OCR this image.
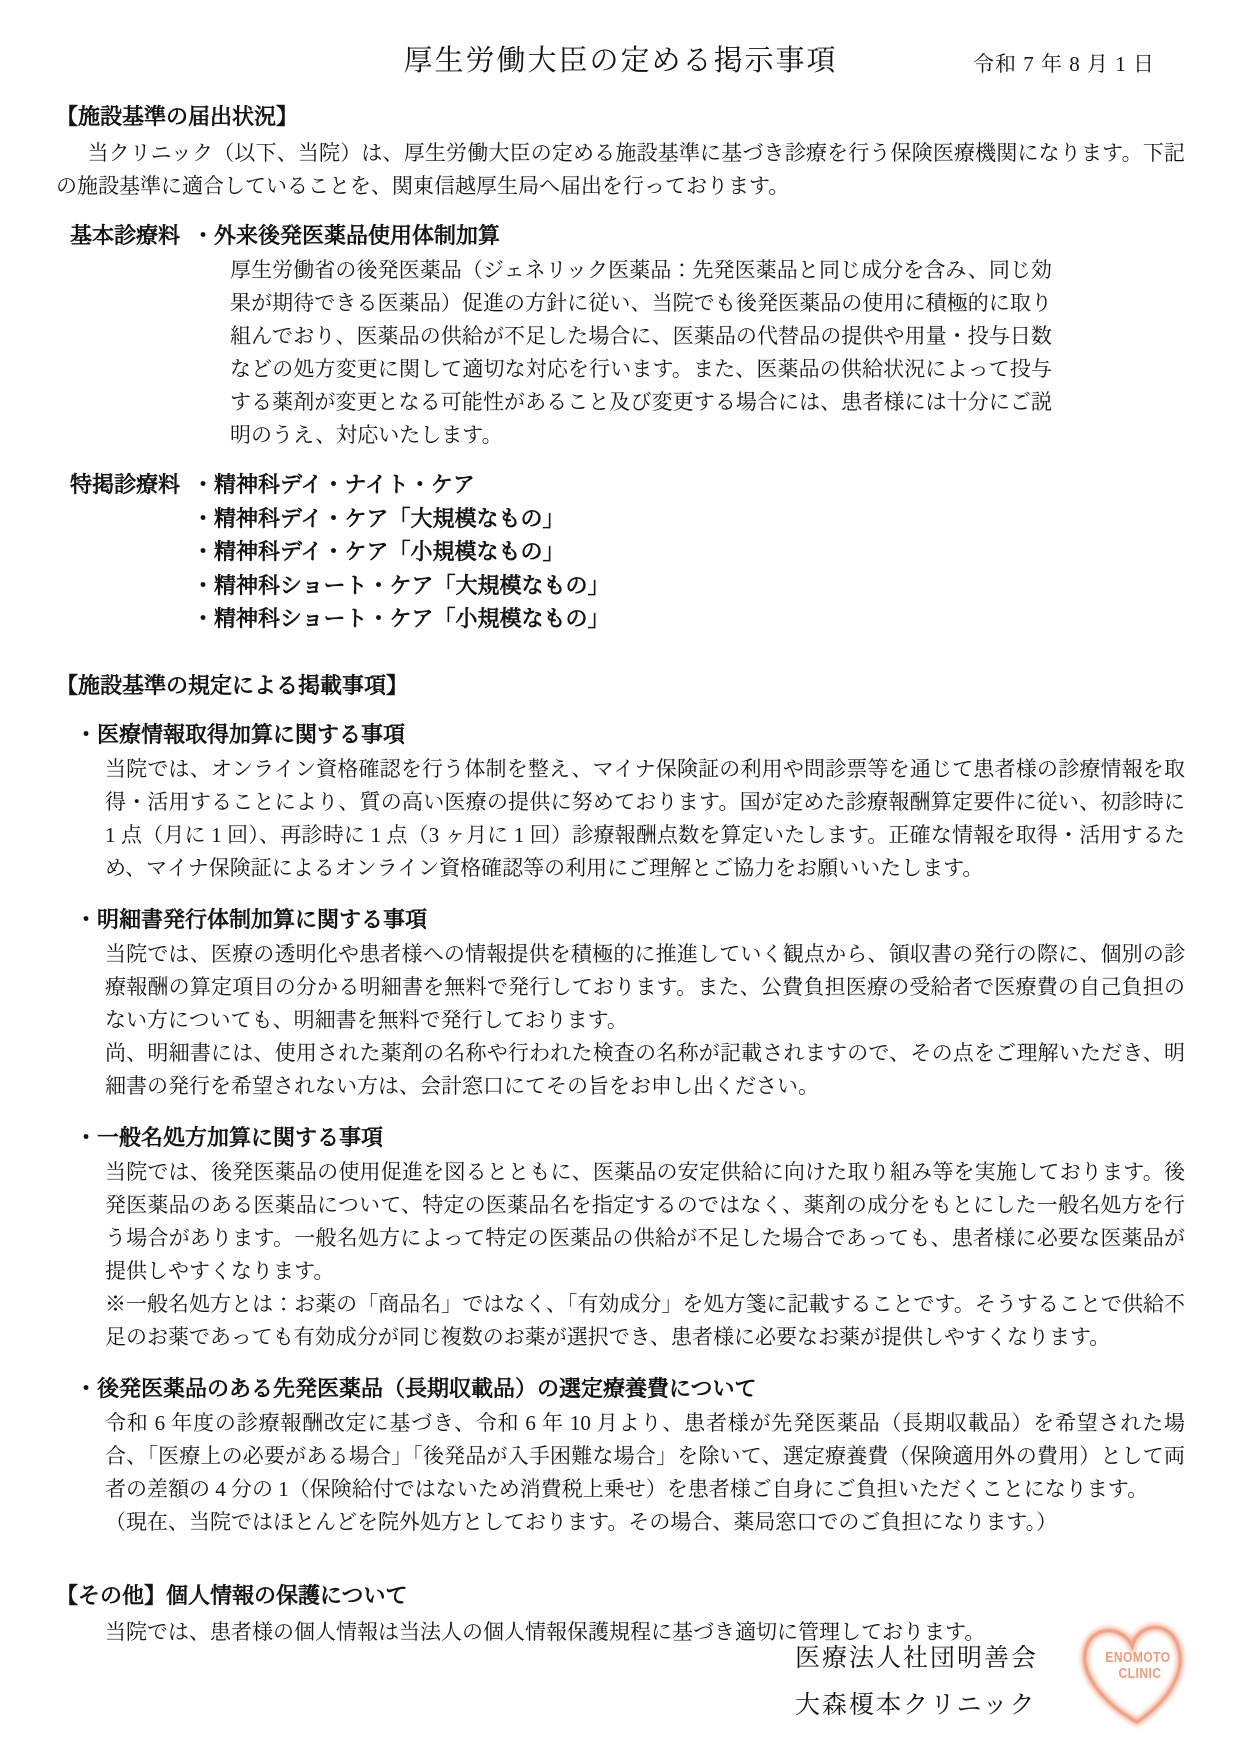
厚生労働大臣の定める掲示事項	令和 7 年 8 月 1 日
【施設基準の届出状況】

当クリニック（以下、当院）は、厚生労働大臣の定める施設基準に基づき診療を行う保険医療機関になります。下記の施設基準に適合していることを、関東信越厚生局へ届出を行っております。

基本診療料 ・外来後発医薬品使用体制加算

厚生労働省の後発医薬品（ジェネリック医薬品：先発医薬品と同じ成分を含み、同じ効果が期待できる医薬品）促進の方針に従い、当院でも後発医薬品の使用に積極的に取り組んでおり、医薬品の供給が不足した場合に、医薬品の代替品の提供や用量・投与日数などの処方変更に関して適切な対応を行います。また、医薬品の供給状況によって投与する薬剤が変更となる可能性があること及び変更する場合には、患者様には十分にご説明のうえ、対応いたします。

特掲診療料 ・精神科デイ・ナイト・ケア
・精神科デイ・ケア「大規模なもの」
・精神科デイ・ケア「小規模なもの」
・精神科ショート・ケア「大規模なもの」
・精神科ショート・ケア「小規模なもの」
【施設基準の規定による掲載事項】
・医療情報取得加算に関する事項

当院では、オンライン資格確認を行う体制を整え、マイナ保険証の利用や問診票等を通じて患者様の診療情報を取得・活用することにより、質の高い医療の提供に努めております。国が定めた診療報酬算定要件に従い、初診時に 1 点（月に 1 回）、再診時に 1 点（3 ヶ月に 1 回）診療報酬点数を算定いたします。正確な情報を取得・活用するため、マイナ保険証によるオンライン資格確認等の利用にご理解とご協力をお願いいたします。

・明細書発行体制加算に関する事項

当院では、医療の透明化や患者様への情報提供を積極的に推進していく観点から、領収書の発行の際に、個別の診療報酬の算定項目の分かる明細書を無料で発行しております。また、公費負担医療の受給者で医療費の自己負担のない方についても、明細書を無料で発行しております。

尚、明細書には、使用された薬剤の名称や行われた検査の名称が記載されますので、その点をご理解いただき、明細書の発行を希望されない方は、会計窓口にてその旨をお申し出ください。

・一般名処方加算に関する事項

当院では、後発医薬品の使用促進を図るとともに、医薬品の安定供給に向けた取り組み等を実施しております。後発医薬品のある医薬品について、特定の医薬品名を指定するのではなく、薬剤の成分をもとにした一般名処方を行う場合があります。一般名処方によって特定の医薬品の供給が不足した場合であっても、患者様に必要な医薬品が提供しやすくなります。

※一般名処方とは：お薬の「商品名」ではなく、「有効成分」を処方箋に記載することです。そうすることで供給不足のお薬であっても有効成分が同じ複数のお薬が選択でき、患者様に必要なお薬が提供しやすくなります。

・後発医薬品のある先発医薬品（長期収載品）の選定療養費について

令和 6 年度の診療報酬改定に基づき、令和 6 年 10 月より、患者様が先発医薬品（長期収載品）を希望された場合、「医療上の必要がある場合」「後発品が入手困難な場合」を除いて、選定療養費（保険適用外の費用）として両者の差額の 4 分の 1（保険給付ではないため消費税上乗せ）を患者様ご自身にご負担いただくことになります。

（現在、当院ではほとんどを院外処方としております。その場合、薬局窓口でのご負担になります。）

【その他】個人情報の保護について

当院では、患者様の個人情報は当法人の個人情報保護規程に基づき適切に管理しております。

医療法人社団明善会
大森榎本クリニック
ENOMOTO
CLINIC
